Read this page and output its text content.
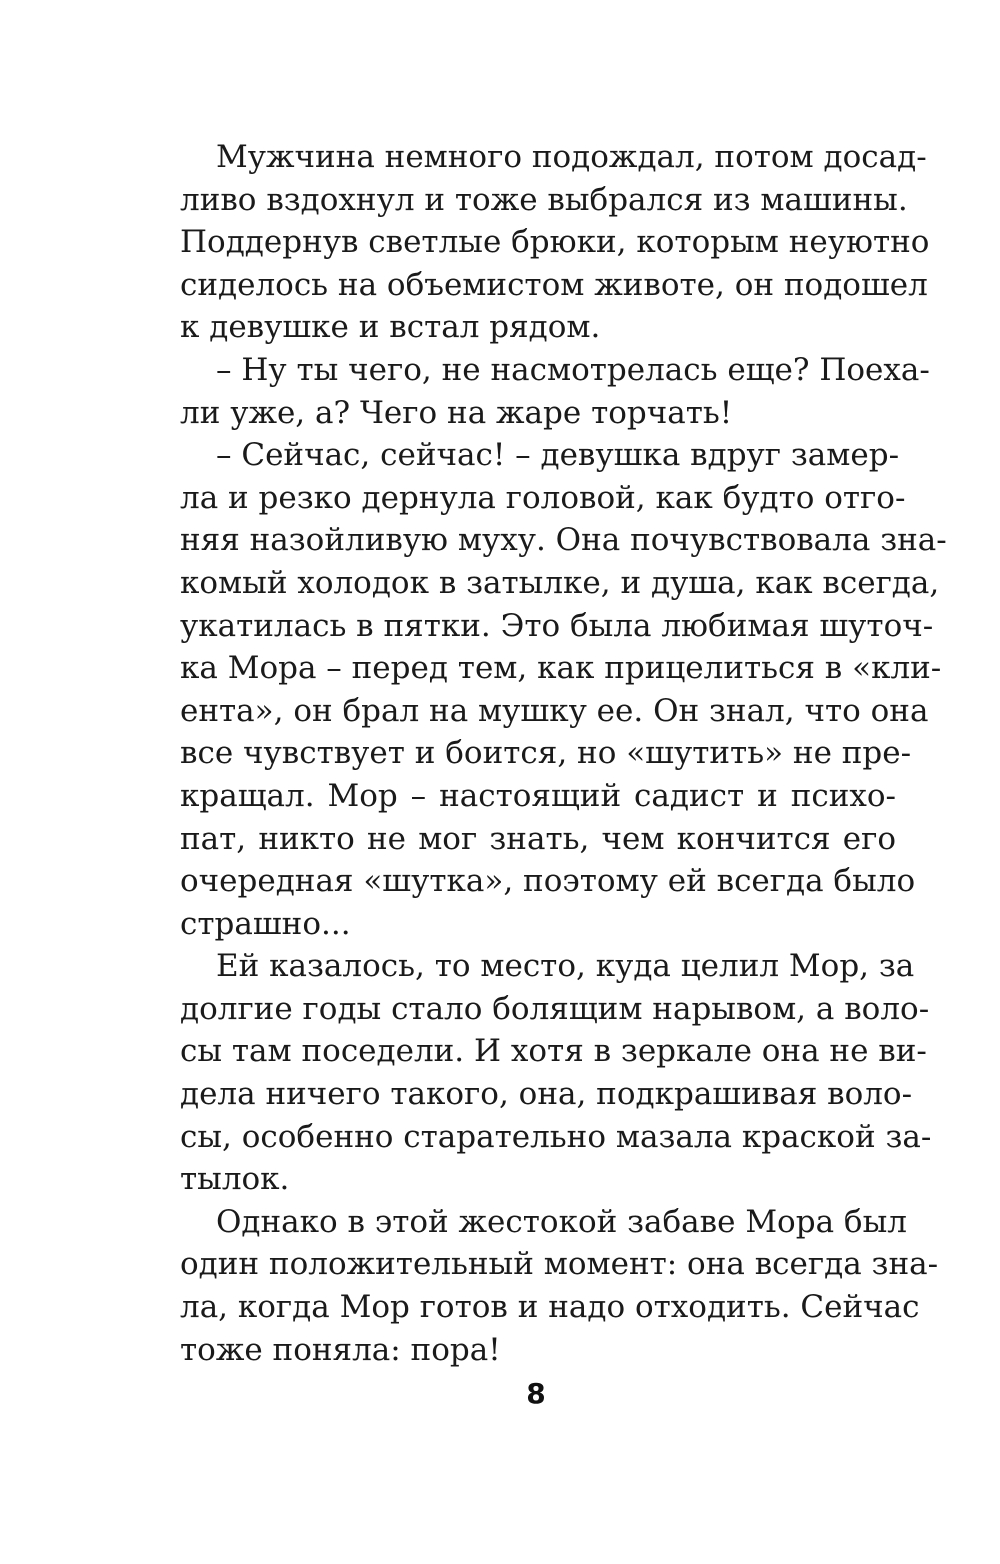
Мужчина немного подождал, потом досад-
ливо вздохнул и тоже выбрался из машины.
Поддернув светлые брюки, которым неуютно
сиделось на объемистом животе, он подошел
к девушке и встал рядом.

– Ну ты чего, не насмотрелась еще? Поеха-
ли уже, а? Чего на жаре торчать!

– Сейчас, сейчас! – девушка вдруг замер-
ла и резко дернула головой, как будто отго-
няя назойливую муху. Она почувствовала зна-
комый холодок в затылке, и душа, как всегда,
укатилась в пятки. Это была любимая шуточ-
ка Мора – перед тем, как прицелиться в «кли-
ента», он брал на мушку ее. Он знал, что она
все чувствует и боится, но «шутить» не пре-
кращал. Мор – настоящий садист и психо-
пат, никто не мог знать, чем кончится его
очередная «шутка», поэтому ей всегда было
страшно...

Ей казалось, то место, куда целил Мор, за
долгие годы стало болящим нарывом, а воло-
сы там поседели. И хотя в зеркале она не ви-
дела ничего такого, она, подкрашивая воло-
сы, особенно старательно мазала краской за-
тылок.

Однако в этой жестокой забаве Мора был
один положительный момент: она всегда зна-
ла, когда Мор готов и надо отходить. Сейчас
тоже поняла: пора!

8
